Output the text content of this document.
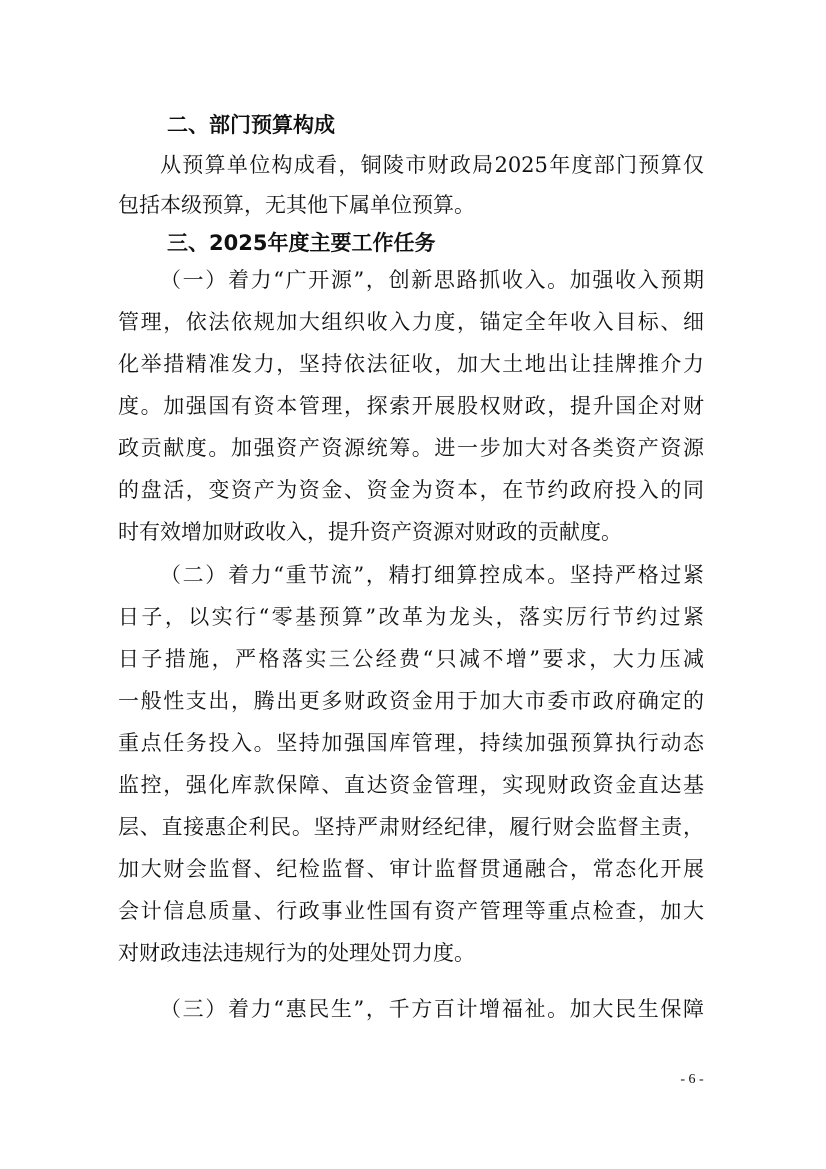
二、部门预算构成
从预算单位构成看，铜陵市财政局2025年度部门预算仅
包括本级预算，无其他下属单位预算。
三、2025年度主要工作任务
（一）着力“广开源”，创新思路抓收入。加强收入预期
管理，依法依规加大组织收入力度，锚定全年收入目标、细
化举措精准发力，坚持依法征收，加大土地出让挂牌推介力
度。加强国有资本管理，探索开展股权财政，提升国企对财
政贡献度。加强资产资源统筹。进一步加大对各类资产资源
的盘活，变资产为资金、资金为资本，在节约政府投入的同
时有效增加财政收入，提升资产资源对财政的贡献度。
（二）着力“重节流”，精打细算控成本。坚持严格过紧
日子，以实行“零基预算”改革为龙头，落实厉行节约过紧
日子措施，严格落实三公经费“只减不增”要求，大力压减
一般性支出，腾出更多财政资金用于加大市委市政府确定的
重点任务投入。坚持加强国库管理，持续加强预算执行动态
监控，强化库款保障、直达资金管理，实现财政资金直达基
层、直接惠企利民。坚持严肃财经纪律，履行财会监督主责，
加大财会监督、纪检监督、审计监督贯通融合，常态化开展
会计信息质量、行政事业性国有资产管理等重点检查，加大
对财政违法违规行为的处理处罚力度。
（三）着力“惠民生”，千方百计增福祉。加大民生保障
- 6 -
